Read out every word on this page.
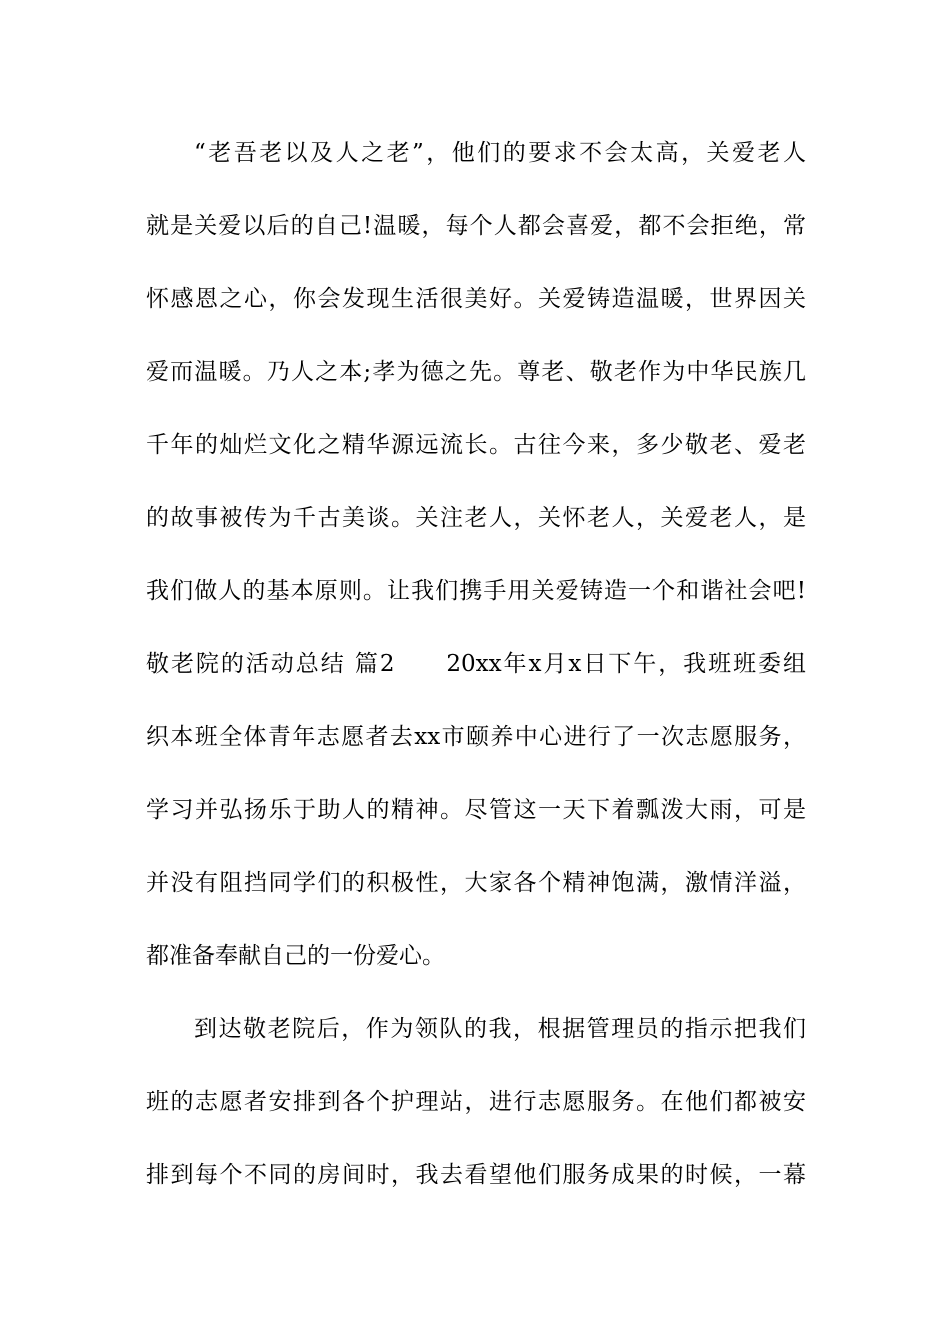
“老吾老以及人之老”，他们的要求不会太高，关爱老人
就是关爱以后的自己!温暖，每个人都会喜爱，都不会拒绝，常
怀感恩之心，你会发现生活很美好。关爱铸造温暖，世界因关
爱而温暖。乃人之本;孝为德之先。尊老、敬老作为中华民族几
千年的灿烂文化之精华源远流长。古往今来，多少敬老、爱老
的故事被传为千古美谈。关注老人，关怀老人，关爱老人，是
我们做人的基本原则。让我们携手用关爱铸造一个和谐社会吧!
敬老院的活动总结 篇2　　20xx年x月x日下午，我班班委组
织本班全体青年志愿者去xx市颐养中心进行了一次志愿服务，
学习并弘扬乐于助人的精神。尽管这一天下着瓢泼大雨，可是
并没有阻挡同学们的积极性，大家各个精神饱满，激情洋溢，
都准备奉献自己的一份爱心。
到达敬老院后，作为领队的我，根据管理员的指示把我们
班的志愿者安排到各个护理站，进行志愿服务。在他们都被安
排到每个不同的房间时，我去看望他们服务成果的时候，一幕
